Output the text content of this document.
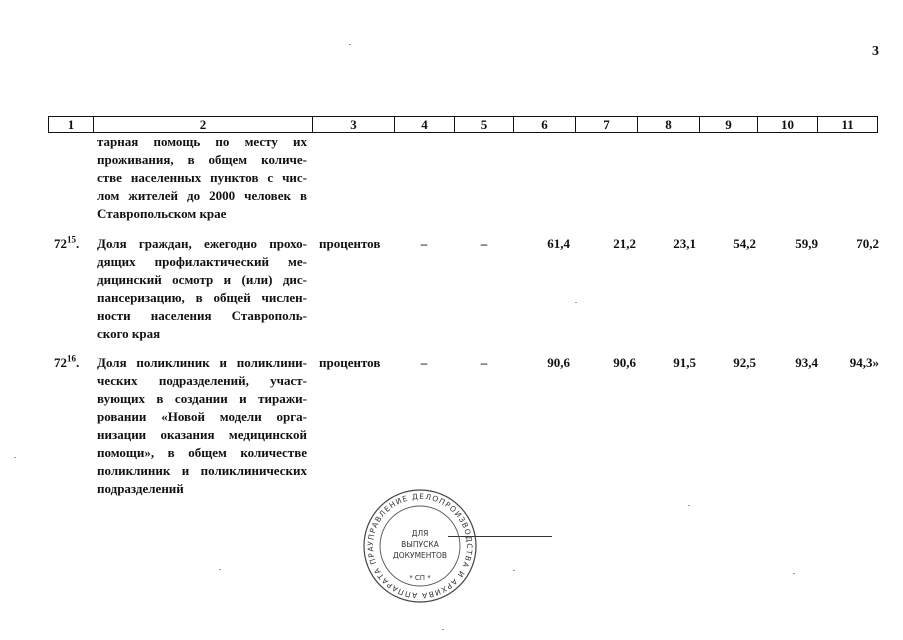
3
1	2	3	4	5	6	7	8	9	10	11
тарная помощь по месту их
проживания, в общем количе-
стве населенных пунктов с чис-
лом жителей до 2000 человек в
Ставропольском крае
$72^{15}$.	Доля граждан, ежегодно прохо-
дящих профилактический ме-
дицинский осмотр и (или) дис-
пансеризацию, в общей числен-
ности населения Ставрополь-
ского края
процентов	–	–	61,4	21,2	23,1	54,2	59,9	70,2
$72^{16}$.	Доля поликлиник и поликлини-
ческих подразделений, участ-
вующих в создании и тиражи-
ровании «Новой модели орга-
низации оказания медицинской
помощи», в общем количестве
поликлиник и поликлинических
подразделений
процентов	–	–	90,6	90,6	91,5	92,5	93,4	94,3»
УПРАВЛЕНИЕ ДЕЛОПРОИЗВОДСТВА И АРХИВА АППАРАТА ПРА
ДЛЯ
ВЫПУСКА
ДОКУМЕНТОВ
* СП *
